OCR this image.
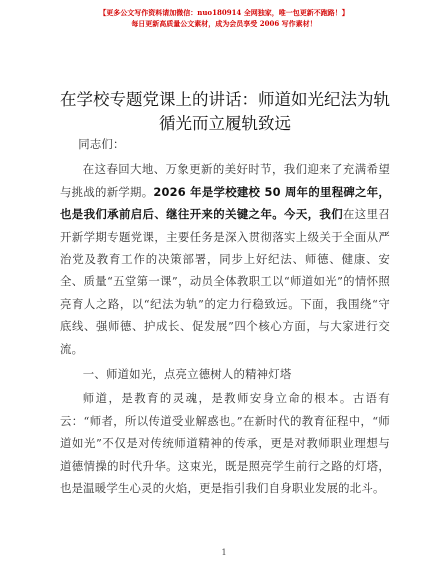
【更多公文写作资料请加微信：nuo180914 全网独家，唯一包更新不跑路！】
每日更新高质量公文素材，成为会员享受 2006 写作素材！
在学校专题党课上的讲话：师道如光纪法为轨循光而立履轨致远

同志们：

在这春回大地、万象更新的美好时节，我们迎来了充满希望与挑战的新学期。2026 年是学校建校 50 周年的里程碑之年，也是我们承前启后、继往开来的关键之年。今天，我们在这里召开新学期专题党课，主要任务是深入贯彻落实上级关于全面从严治党及教育工作的决策部署，同步上好纪法、师德、健康、安全、质量“五堂第一课”，动员全体教职工以“师道如光”的情怀照亮育人之路，以“纪法为轨”的定力行稳致远。下面，我围绕“守底线、强师德、护成长、促发展”四个核心方面，与大家进行交流。

一、师道如光，点亮立德树人的精神灯塔

师道，是教育的灵魂，是教师安身立命的根本。古语有云：“师者，所以传道受业解惑也。”在新时代的教育征程中，“师道如光”不仅是对传统师道精神的传承，更是对教师职业理想与道德情操的时代升华。这束光，既是照亮学生前行之路的灯塔，也是温暖学生心灵的火焰，更是指引我们自身职业发展的北斗。

1
